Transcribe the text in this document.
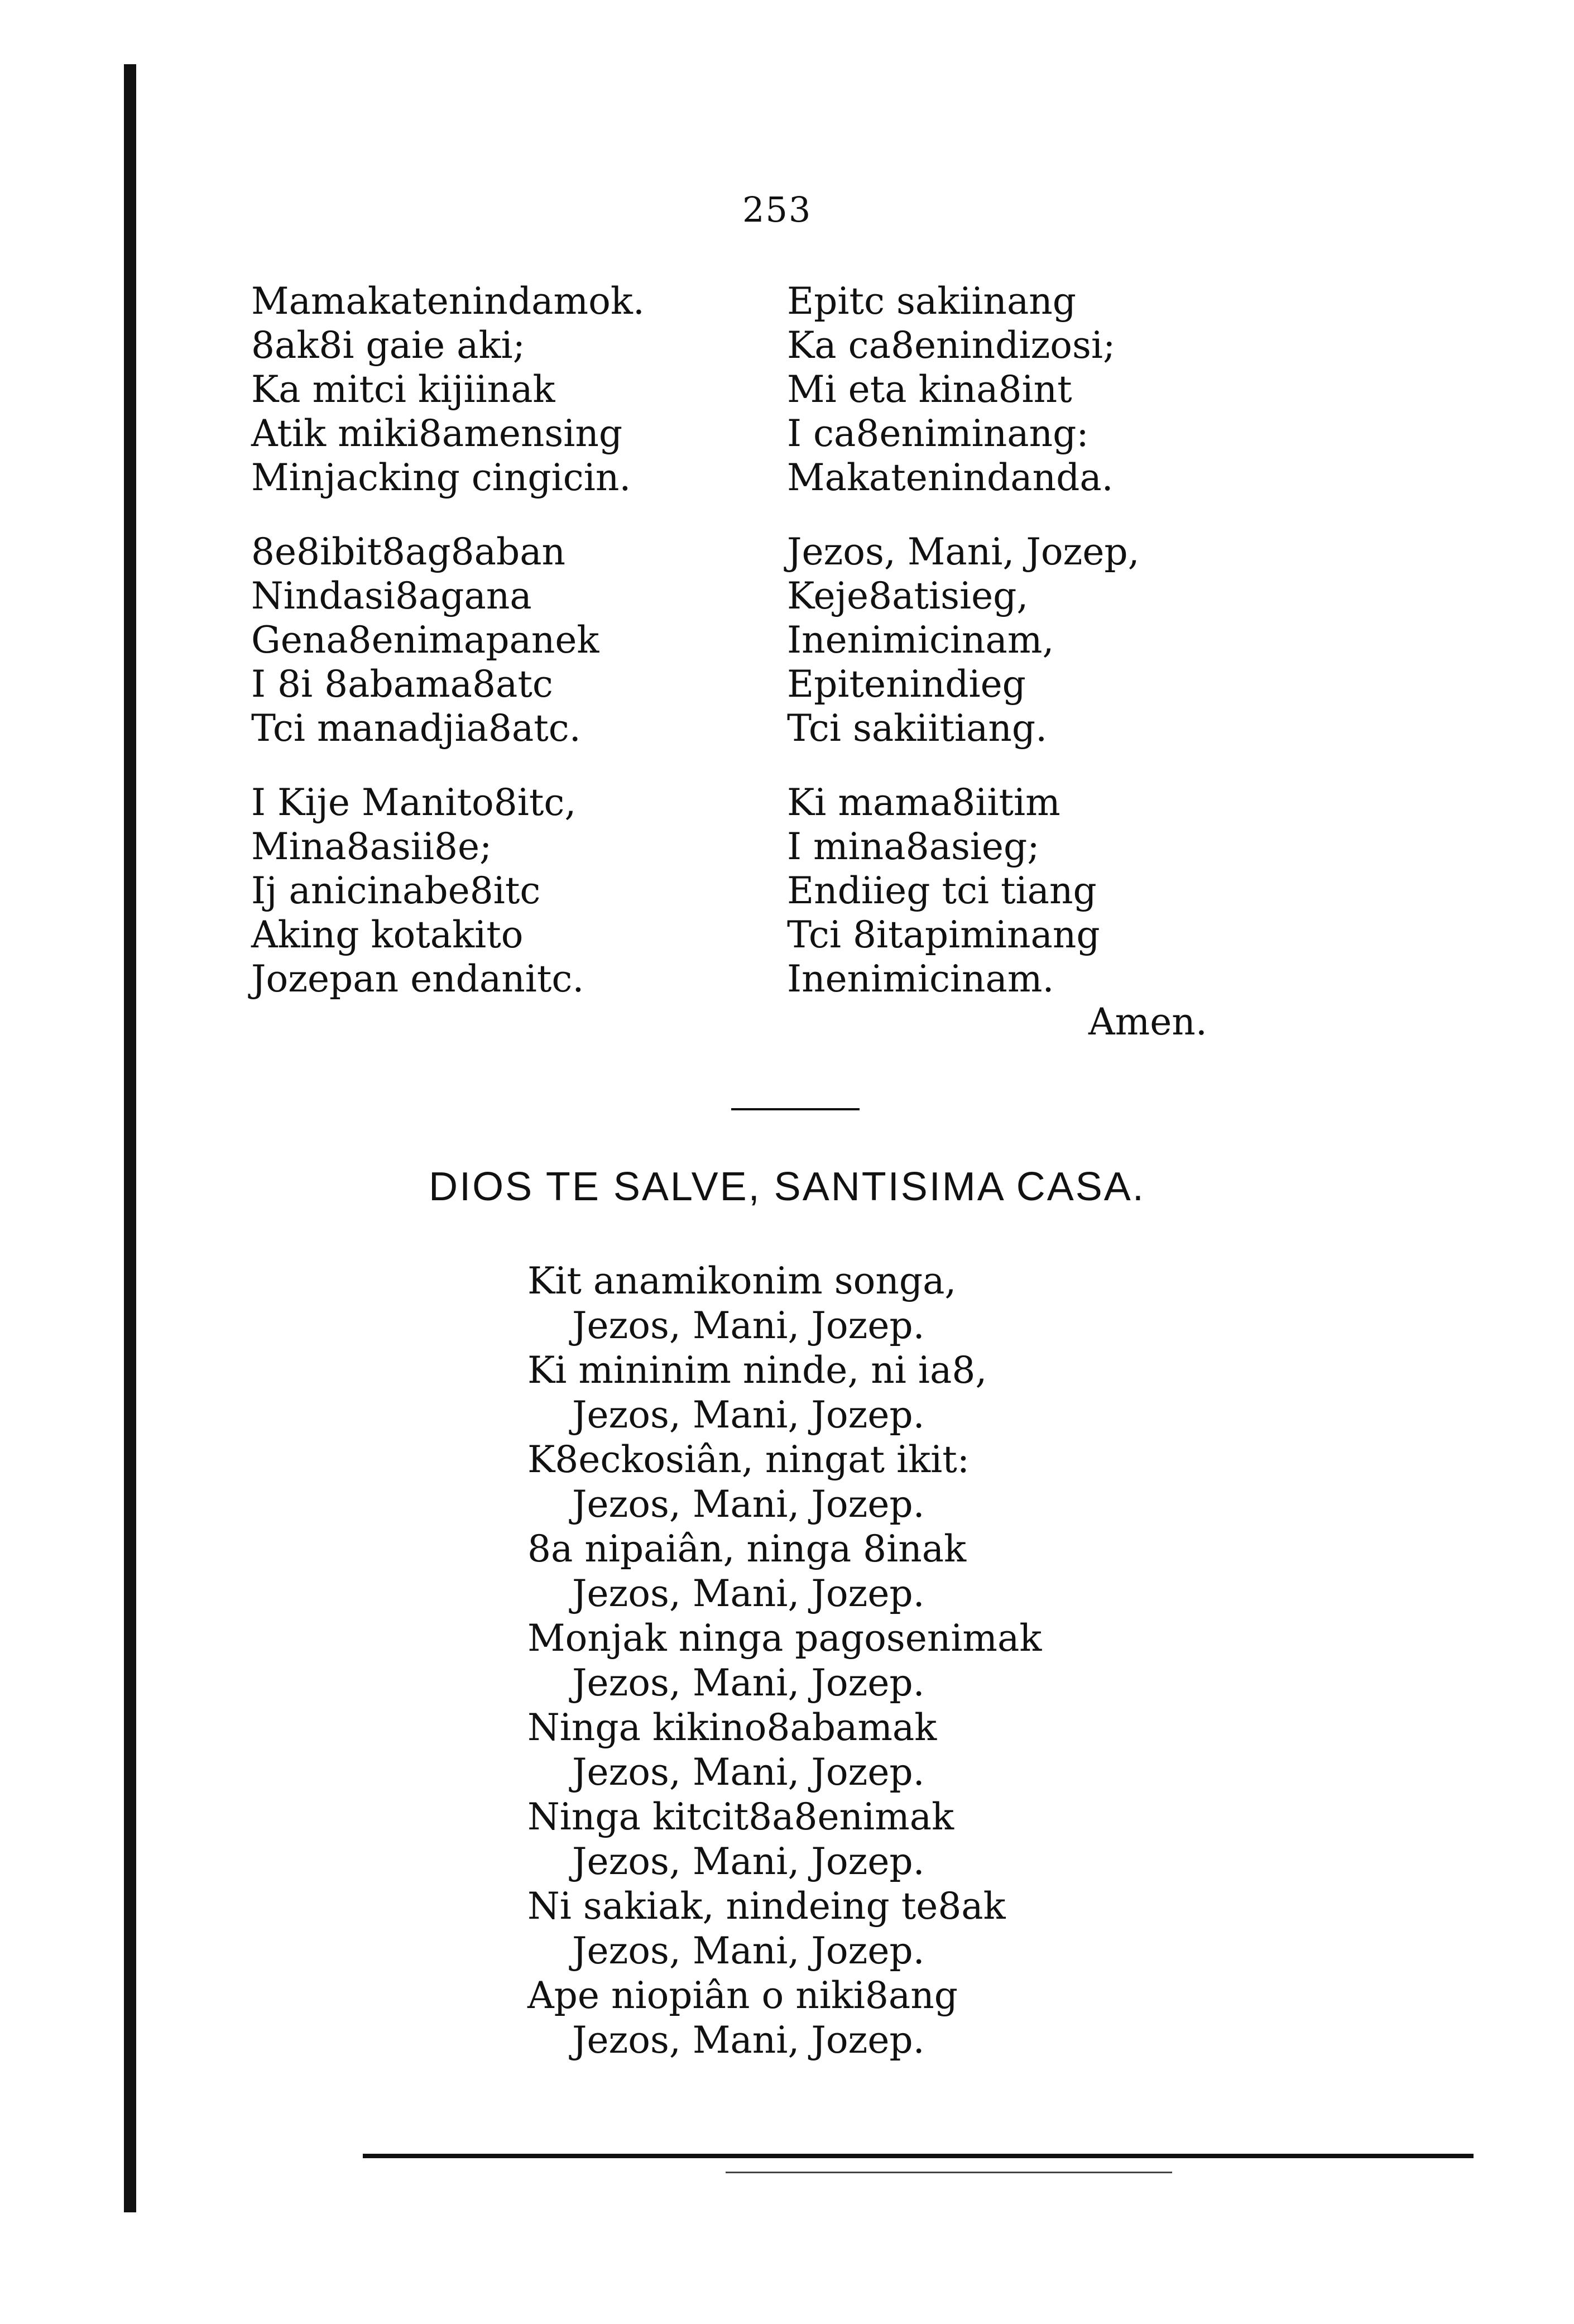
253
Mamakatenindamok.
8ak8i gaie aki;
Ka mitci kijiinak
Atik miki8amensing
Minjacking cingicin.
8e8ibit8ag8aban
Nindasi8agana
Gena8enimapanek
I 8i 8abama8atc
Tci manadjia8atc.
I Kije Manito8itc,
Mina8asii8e;
Ij anicinabe8itc
Aking kotakito
Jozepan endanitc.
Epitc sakiinang
Ka ca8enindizosi;
Mi eta kina8int
I ca8eniminang:
Makatenindanda.
Jezos, Mani, Jozep,
Keje8atisieg,
Inenimicinam,
Epitenindieg
Tci sakiitiang.
Ki mama8iitim
I mina8asieg;
Endiieg tci tiang
Tci 8itapiminang
Inenimicinam.
Amen.
DIOS TE SALVE, SANTISIMA CASA.
Kit anamikonim songa,
Jezos, Mani, Jozep.
Ki mininim ninde, ni ia8,
Jezos, Mani, Jozep.
K8eckosiân, ningat ikit:
Jezos, Mani, Jozep.
8a nipaiân, ninga 8inak
Jezos, Mani, Jozep.
Monjak ninga pagosenimak
Jezos, Mani, Jozep.
Ninga kikino8abamak
Jezos, Mani, Jozep.
Ninga kitcit8a8enimak
Jezos, Mani, Jozep.
Ni sakiak, nindeing te8ak
Jezos, Mani, Jozep.
Ape niopiân o niki8ang
Jezos, Mani, Jozep.
